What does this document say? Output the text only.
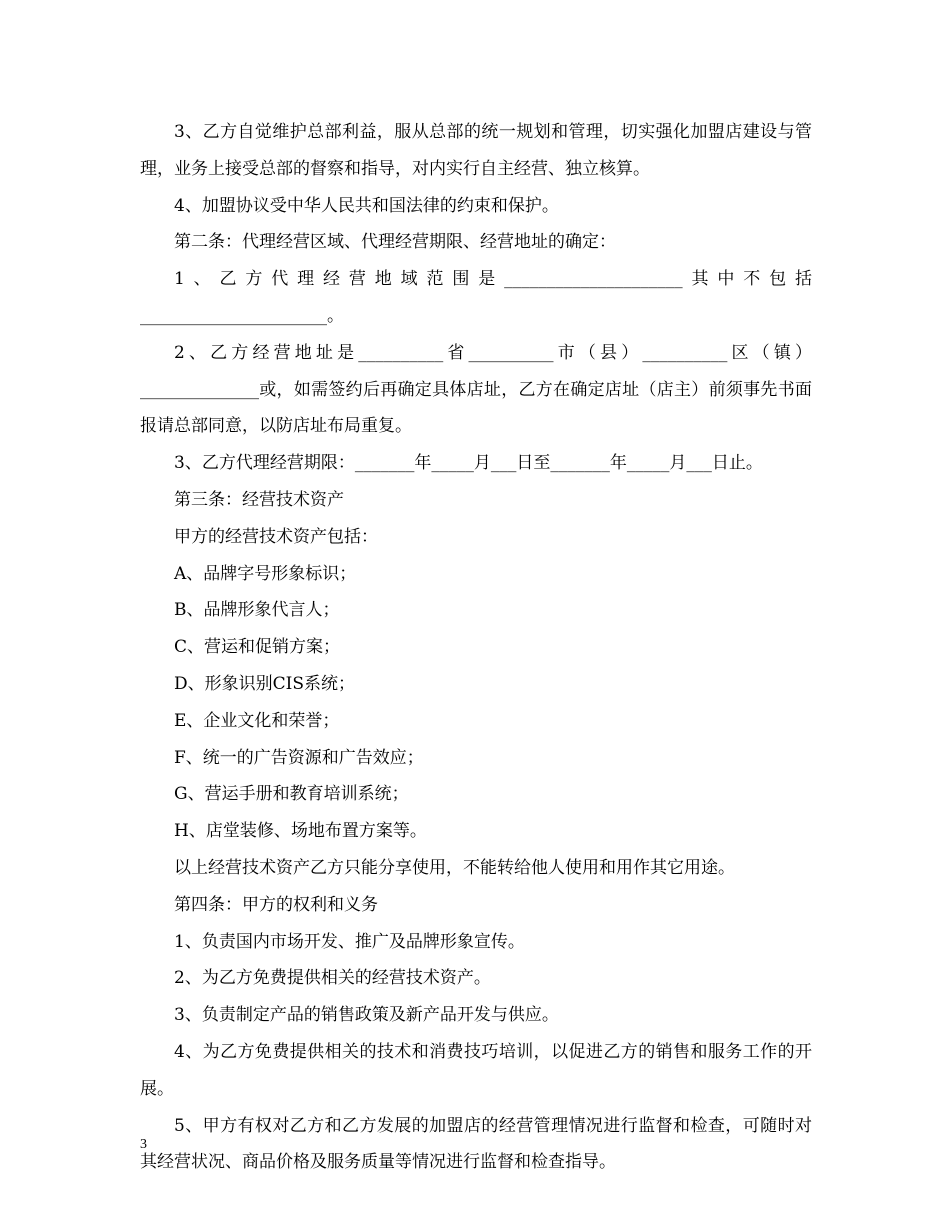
3、乙方自觉维护总部利益，服从总部的统一规划和管理，切实强化加盟店建设与管理，业务上接受总部的督察和指导，对内实行自主经营、独立核算。

4、加盟协议受中华人民共和国法律的约束和保护。

第二条：代理经营区域、代理经营期限、经营地址的确定：

1、乙方代理经营地域范围是_____________________其中不包括______________________。

2、乙方经营地址是__________省__________市（县）__________区（镇）______________或，如需签约后再确定具体店址，乙方在确定店址（店主）前须事先书面报请总部同意，以防店址布局重复。

3、乙方代理经营期限：_______年_____月___日至_______年_____月___日止。

第三条：经营技术资产

甲方的经营技术资产包括：

A、品牌字号形象标识；

B、品牌形象代言人；

C、营运和促销方案；

D、形象识别CIS系统；

E、企业文化和荣誉；

F、统一的广告资源和广告效应；

G、营运手册和教育培训系统；

H、店堂装修、场地布置方案等。

以上经营技术资产乙方只能分享使用，不能转给他人使用和用作其它用途。

第四条：甲方的权利和义务

1、负责国内市场开发、推广及品牌形象宣传。

2、为乙方免费提供相关的经营技术资产。

3、负责制定产品的销售政策及新产品开发与供应。

4、为乙方免费提供相关的技术和消费技巧培训，以促进乙方的销售和服务工作的开展。

5、甲方有权对乙方和乙方发展的加盟店的经营管理情况进行监督和检查，可随时对其经营状况、商品价格及服务质量等情况进行监督和检查指导。

3
